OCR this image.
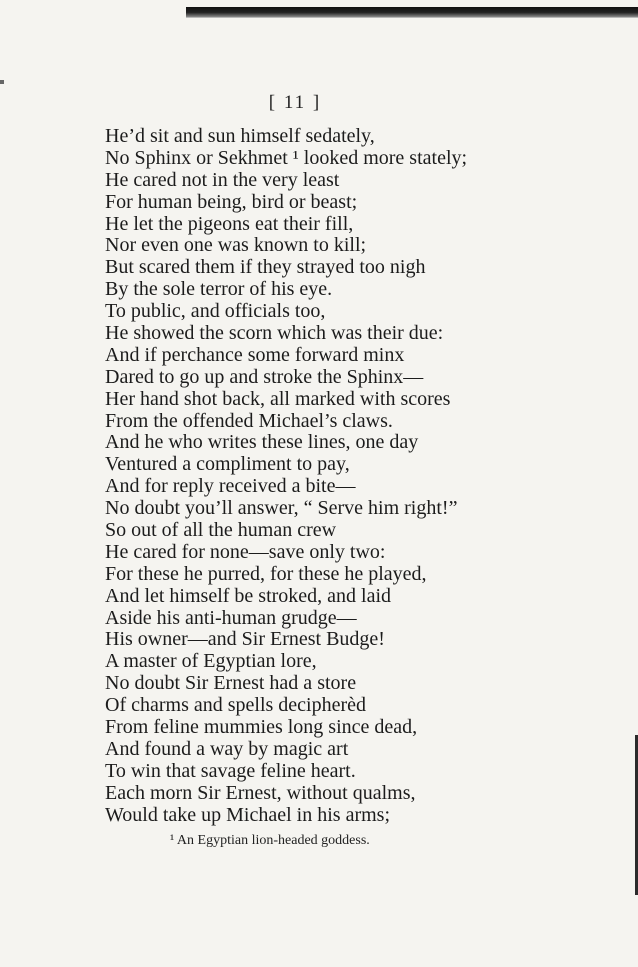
[ 11 ]
He’d sit and sun himself sedately,
No Sphinx or Sekhmet ¹ looked more stately;
He cared not in the very least
For human being, bird or beast;
He let the pigeons eat their fill,
Nor even one was known to kill;
But scared them if they strayed too nigh
By the sole terror of his eye.
To public, and officials too,
He showed the scorn which was their due:
And if perchance some forward minx
Dared to go up and stroke the Sphinx—
Her hand shot back, all marked with scores
From the offended Michael’s claws.
And he who writes these lines, one day
Ventured a compliment to pay,
And for reply received a bite—
No doubt you’ll answer, “ Serve him right!”
So out of all the human crew
He cared for none—save only two:
For these he purred, for these he played,
And let himself be stroked, and laid
Aside his anti-human grudge—
His owner—and Sir Ernest Budge!
A master of Egyptian lore,
No doubt Sir Ernest had a store
Of charms and spells decipherèd
From feline mummies long since dead,
And found a way by magic art
To win that savage feline heart.
Each morn Sir Ernest, without qualms,
Would take up Michael in his arms;
¹ An Egyptian lion-headed goddess.
